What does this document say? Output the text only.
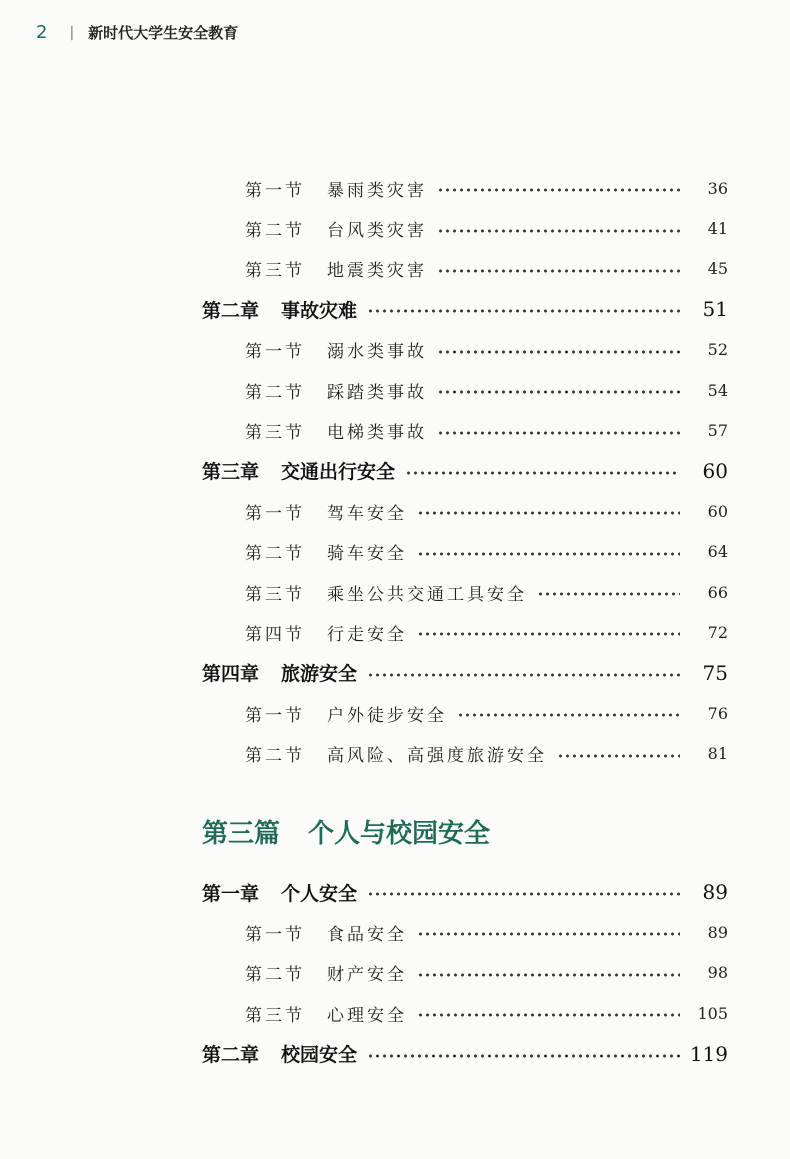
2 | 新时代大学生安全教育
第一节 暴雨类灾害	36
第二节 台风类灾害	41
第三节 地震类灾害	45
第二章 事故灾难	51
第一节 溺水类事故	52
第二节 踩踏类事故	54
第三节 电梯类事故	57
第三章 交通出行安全	60
第一节 驾车安全	60
第二节 骑车安全	64
第三节 乘坐公共交通工具安全	66
第四节 行走安全	72
第四章 旅游安全	75
第一节 户外徒步安全	76
第二节 高风险、高强度旅游安全	81
第三篇 个人与校园安全
第一章 个人安全	89
第一节 食品安全	89
第二节 财产安全	98
第三节 心理安全	105
第二章 校园安全	119
